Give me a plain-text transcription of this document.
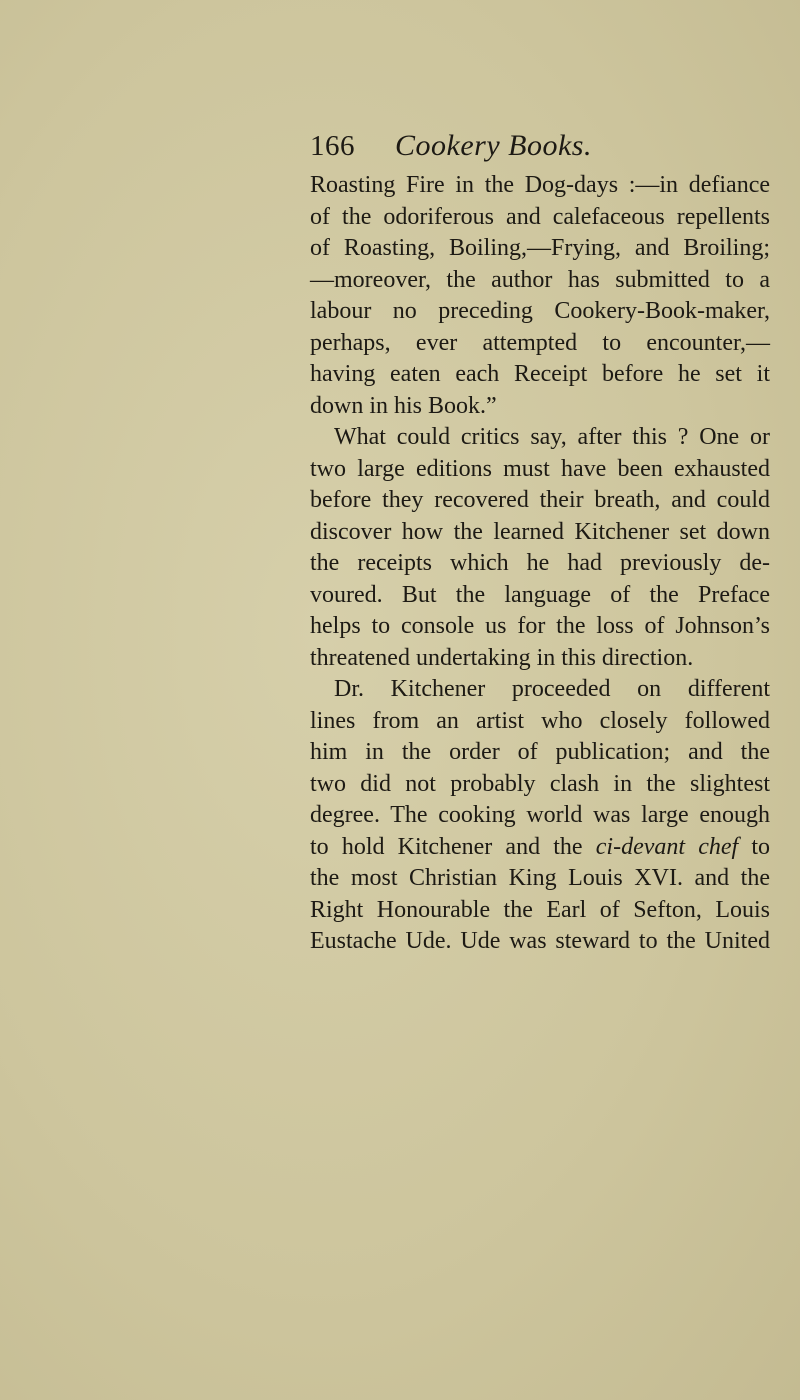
166 Cookery Books.
Roasting Fire in the Dog-days :—in defiance
of the odoriferous and calefaceous repellents
of Roasting, Boiling,—Frying, and Broiling;
—moreover, the author has submitted to a
labour no preceding Cookery-Book-maker,
perhaps, ever attempted to encounter,—
having eaten each Receipt before he set it
down in his Book.”
What could critics say, after this ? One or
two large editions must have been exhausted
before they recovered their breath, and could
discover how the learned Kitchener set down
the receipts which he had previously de-
voured. But the language of the Preface
helps to console us for the loss of Johnson’s
threatened undertaking in this direction.
Dr. Kitchener proceeded on different
lines from an artist who closely followed
him in the order of publication; and the
two did not probably clash in the slightest
degree. The cooking world was large enough
to hold Kitchener and the ci-devant chef to
the most Christian King Louis XVI. and the
Right Honourable the Earl of Sefton, Louis
Eustache Ude. Ude was steward to the United
